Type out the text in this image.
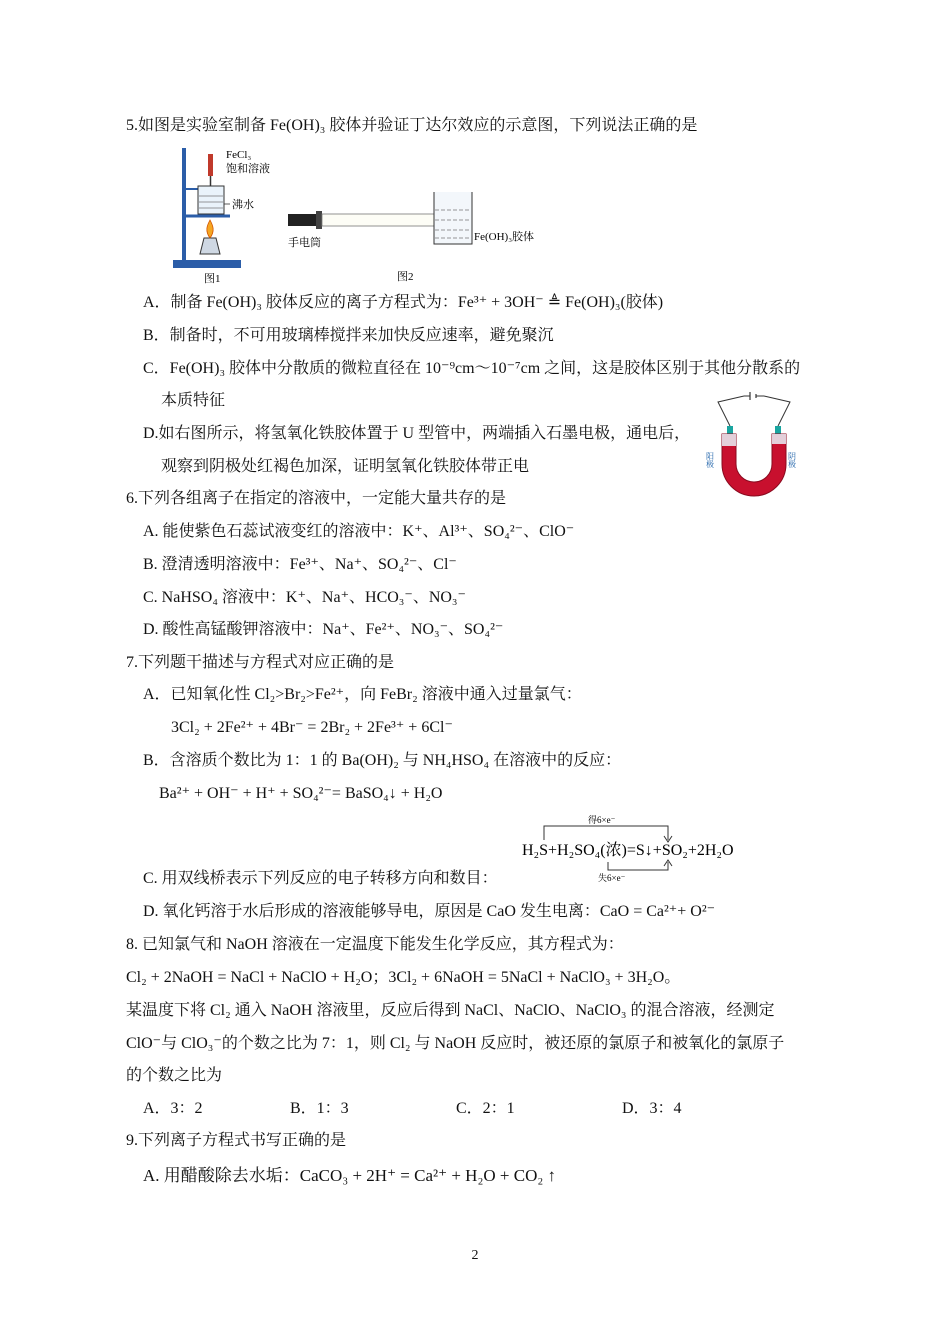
5.如图是实验室制备 Fe(OH)₃ 胶体并验证丁达尔效应的示意图，下列说法正确的是
FeCl₃
饱和溶液
沸水
图1
手电筒	Fe(OH)₃胶体
图2
A．制备 Fe(OH)₃ 胶体反应的离子方程式为：Fe³⁺ + 3OH⁻ ≜ Fe(OH)₃(胶体)
B．制备时，不可用玻璃棒搅拌来加快反应速率，避免聚沉
C．Fe(OH)₃ 胶体中分散质的微粒直径在 10⁻⁹cm～10⁻⁷cm 之间，这是胶体区别于其他分散系的
本质特征
D.如右图所示，将氢氧化铁胶体置于 U 型管中，两端插入石墨电极，通电后，
观察到阴极处红褐色加深，证明氢氧化铁胶体带正电	阳极	阴极
6.下列各组离子在指定的溶液中，一定能大量共存的是
A. 能使紫色石蕊试液变红的溶液中：K⁺、Al³⁺、SO₄²⁻、ClO⁻
B. 澄清透明溶液中：Fe³⁺、Na⁺、SO₄²⁻、Cl⁻
C. NaHSO₄ 溶液中：K⁺、Na⁺、HCO₃⁻、NO₃⁻
D. 酸性高锰酸钾溶液中：Na⁺、Fe²⁺、NO₃⁻、SO₄²⁻
7.下列题干描述与方程式对应正确的是
A．已知氧化性 Cl₂>Br₂>Fe²⁺，向 FeBr₂ 溶液中通入过量氯气：
3Cl₂ + 2Fe²⁺ + 4Br⁻ = 2Br₂ + 2Fe³⁺ + 6Cl⁻
B．含溶质个数比为 1：1 的 Ba(OH)₂ 与 NH₄HSO₄ 在溶液中的反应：
Ba²⁺ + OH⁻ + H⁺ + SO₄²⁻= BaSO₄↓ + H₂O
得6×e⁻
H₂S+H₂SO₄(浓)=S↓+SO₂+2H₂O
失6×e⁻
C. 用双线桥表示下列反应的电子转移方向和数目：
D. 氧化钙溶于水后形成的溶液能够导电，原因是 CaO 发生电离：CaO = Ca²⁺+ O²⁻
8. 已知氯气和 NaOH 溶液在一定温度下能发生化学反应，其方程式为：
Cl₂ + 2NaOH = NaCl + NaClO + H₂O；3Cl₂ + 6NaOH = 5NaCl + NaClO₃ + 3H₂O。
某温度下将 Cl₂ 通入 NaOH 溶液里，反应后得到 NaCl、NaClO、NaClO₃ 的混合溶液，经测定
ClO⁻与 ClO₃⁻的个数之比为 7：1，则 Cl₂ 与 NaOH 反应时，被还原的氯原子和被氧化的氯原子
的个数之比为
A．3：2	B．1：3	C．2：1	D．3：4
9.下列离子方程式书写正确的是
A. 用醋酸除去水垢：CaCO₃ + 2H⁺ = Ca²⁺ + H₂O + CO₂ ↑
2
